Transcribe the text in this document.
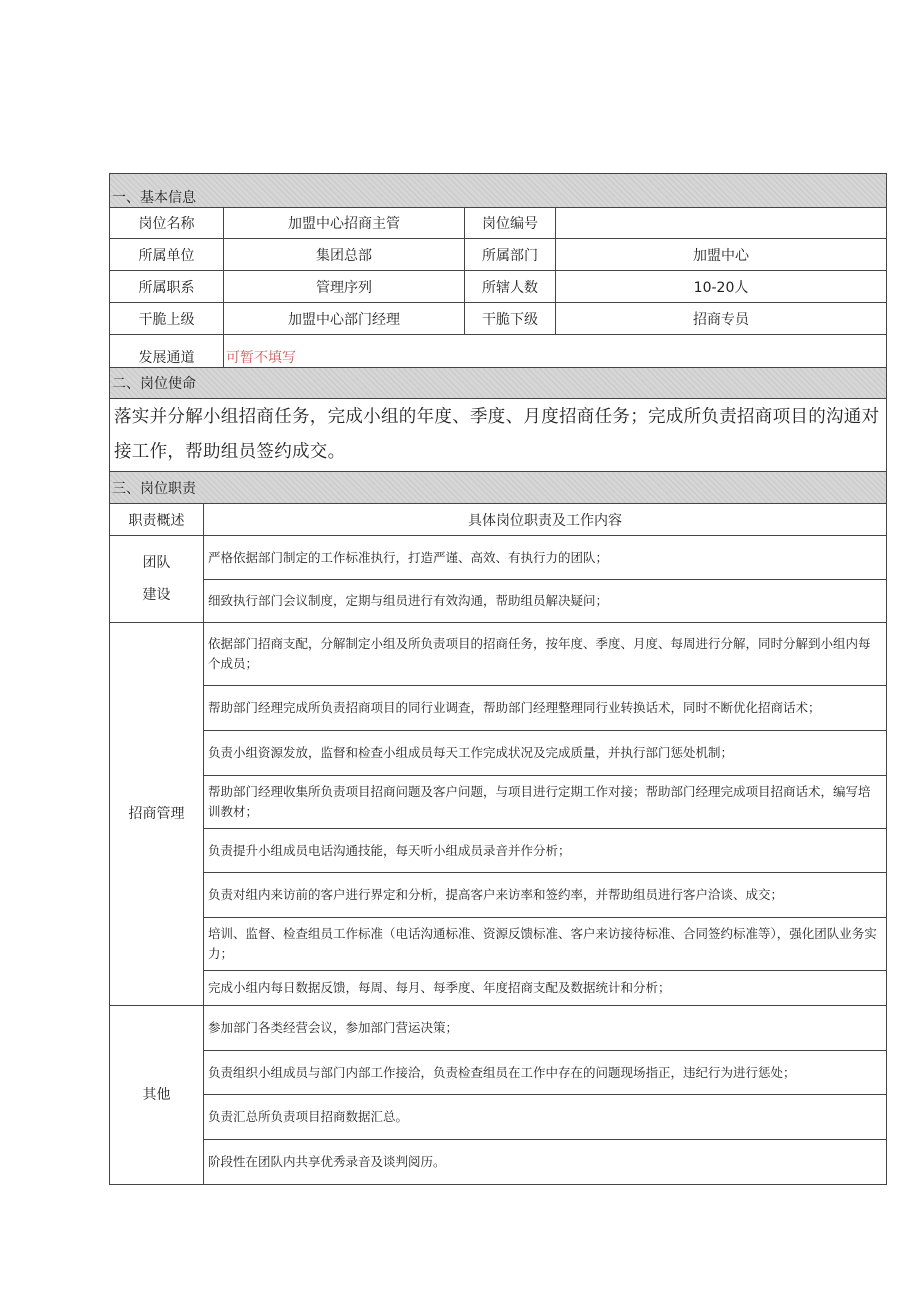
一、基本信息				
岗位名称		加盟中心招商主管	岗位编号	
所属单位		集团总部	所属部门	加盟中心
所属职系		管理序列	所辖人数	10-20人
干脆上级		加盟中心部门经理	干脆下级	招商专员
发展通道		可暂不填写		
二、岗位使命				
落实并分解小组招商任务，完成小组的年度、季度、月度招商任务；完成所负责招商项目的沟通对接工作，帮助组员签约成交。				
三、岗位职责				
职责概述	具体岗位职责及工作内容			

团队
建设	严格依据部门制定的工作标准执行，打造严谨、高效、有执行力的团队；			
	细致执行部门会议制度，定期与组员进行有效沟通，帮助组员解决疑问；			
招商管理	依据部门招商支配，分解制定小组及所负责项目的招商任务，按年度、季度、月度、每周进行分解，同时分解到小组内每个成员；			
	帮助部门经理完成所负责招商项目的同行业调查，帮助部门经理整理同行业转换话术，同时不断优化招商话术；			
	负责小组资源发放，监督和检查小组成员每天工作完成状况及完成质量，并执行部门惩处机制；			
	帮助部门经理收集所负责项目招商问题及客户问题，与项目进行定期工作对接；帮助部门经理完成项目招商话术，编写培训教材；			
	负责提升小组成员电话沟通技能，每天听小组成员录音并作分析；			
	负责对组内来访前的客户进行界定和分析，提高客户来访率和签约率，并帮助组员进行客户洽谈、成交；			
	培训、监督、检查组员工作标准（电话沟通标准、资源反馈标准、客户来访接待标准、合同签约标准等），强化团队业务实力；			
	完成小组内每日数据反馈，每周、每月、每季度、年度招商支配及数据统计和分析；			
其他	参加部门各类经营会议，参加部门营运决策；			
	负责组织小组成员与部门内部工作接洽，负责检查组员在工作中存在的问题现场指正，违纪行为进行惩处；			
	负责汇总所负责项目招商数据汇总。			
	阶段性在团队内共享优秀录音及谈判阅历。			
